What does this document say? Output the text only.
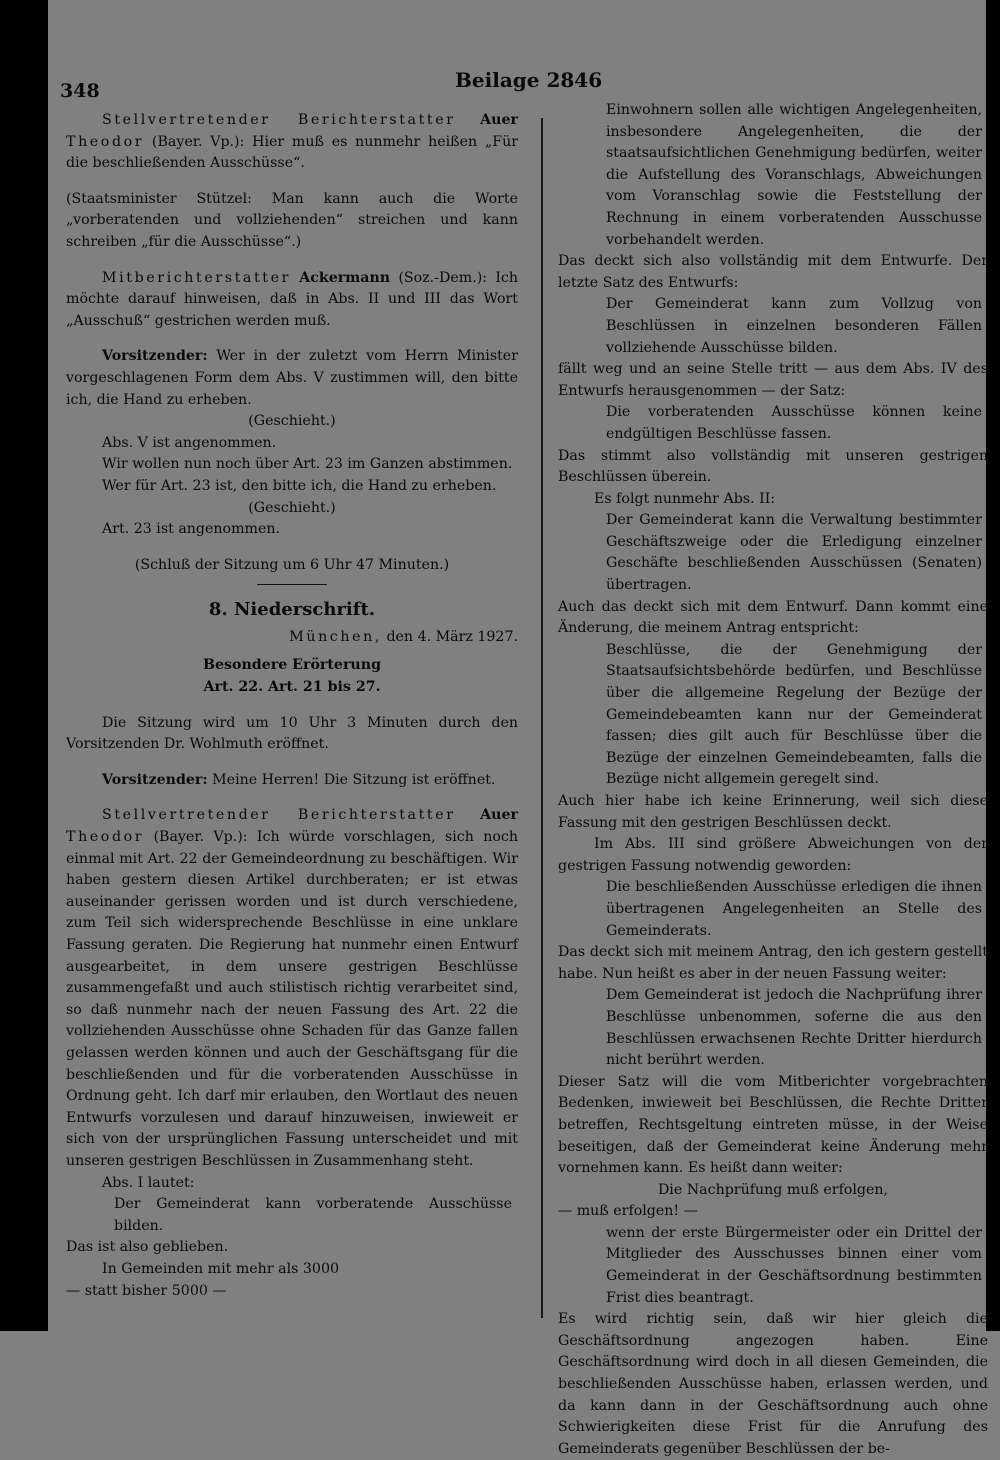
348	Beilage 2846

Stellvertretender Berichterstatter Auer Theodor (Bayer. Vp.): Hier muß es nunmehr heißen „Für die beschließenden Ausschüsse“.

(Staatsminister Stützel: Man kann auch die Worte „vorberatenden und vollziehenden“ streichen und kann schreiben „für die Ausschüsse“.)

Mitberichterstatter Ackermann (Soz.-Dem.): Ich möchte darauf hinweisen, daß in Abs. II und III das Wort „Ausschuß“ gestrichen werden muß.

Vorsitzender: Wer in der zuletzt vom Herrn Minister vorgeschlagenen Form dem Abs. V zustimmen will, den bitte ich, die Hand zu erheben.

(Geschieht.)

Abs. V ist angenommen.

Wir wollen nun noch über Art. 23 im Ganzen abstimmen.

Wer für Art. 23 ist, den bitte ich, die Hand zu erheben.

(Geschieht.)

Art. 23 ist angenommen.

(Schluß der Sitzung um 6 Uhr 47 Minuten.)

8. Niederschrift.

München, den 4. März 1927.

Besondere Erörterung

Art. 22. Art. 21 bis 27.

Die Sitzung wird um 10 Uhr 3 Minuten durch den Vorsitzenden Dr. Wohlmuth eröffnet.

Vorsitzender: Meine Herren! Die Sitzung ist eröffnet.

Stellvertretender Berichterstatter Auer Theodor (Bayer. Vp.): Ich würde vorschlagen, sich noch einmal mit Art. 22 der Gemeindeordnung zu beschäftigen. Wir haben gestern diesen Artikel durchberaten; er ist etwas auseinander gerissen worden und ist durch verschiedene, zum Teil sich widersprechende Beschlüsse in eine unklare Fassung geraten. Die Regierung hat nunmehr einen Entwurf ausgearbeitet, in dem unsere gestrigen Beschlüsse zusammengefaßt und auch stilistisch richtig verarbeitet sind, so daß nunmehr nach der neuen Fassung des Art. 22 die vollziehenden Ausschüsse ohne Schaden für das Ganze fallen gelassen werden können und auch der Geschäftsgang für die beschließenden und für die vorberatenden Ausschüsse in Ordnung geht. Ich darf mir erlauben, den Wortlaut des neuen Entwurfs vorzulesen und darauf hinzuweisen, inwieweit er sich von der ursprünglichen Fassung unterscheidet und mit unseren gestrigen Beschlüssen in Zusammenhang steht.

Abs. I lautet:

Der Gemeinderat kann vorberatende Ausschüsse bilden.

Das ist also geblieben.

In Gemeinden mit mehr als 3000

— statt bisher 5000 —

Einwohnern sollen alle wichtigen Angelegenheiten, insbesondere Angelegenheiten, die der staatsaufsichtlichen Genehmigung bedürfen, weiter die Aufstellung des Voranschlags, Abweichungen vom Voranschlag sowie die Feststellung der Rechnung in einem vorberatenden Ausschusse vorbehandelt werden.

Das deckt sich also vollständig mit dem Entwurfe. Der letzte Satz des Entwurfs:

Der Gemeinderat kann zum Vollzug von Beschlüssen in einzelnen besonderen Fällen vollziehende Ausschüsse bilden.

fällt weg und an seine Stelle tritt — aus dem Abs. IV des Entwurfs herausgenommen — der Satz:

Die vorberatenden Ausschüsse können keine endgültigen Beschlüsse fassen.

Das stimmt also vollständig mit unseren gestrigen Beschlüssen überein.

Es folgt nunmehr Abs. II:

Der Gemeinderat kann die Verwaltung bestimmter Geschäftszweige oder die Erledigung einzelner Geschäfte beschließenden Ausschüssen (Senaten) übertragen.

Auch das deckt sich mit dem Entwurf. Dann kommt eine Änderung, die meinem Antrag entspricht:

Beschlüsse, die der Genehmigung der Staatsaufsichtsbehörde bedürfen, und Beschlüsse über die allgemeine Regelung der Bezüge der Gemeindebeamten kann nur der Gemeinderat fassen; dies gilt auch für Beschlüsse über die Bezüge der einzelnen Gemeindebeamten, falls die Bezüge nicht allgemein geregelt sind.

Auch hier habe ich keine Erinnerung, weil sich diese Fassung mit den gestrigen Beschlüssen deckt.

Im Abs. III sind größere Abweichungen von der gestrigen Fassung notwendig geworden:

Die beschließenden Ausschüsse erledigen die ihnen übertragenen Angelegenheiten an Stelle des Gemeinderats.

Das deckt sich mit meinem Antrag, den ich gestern gestellt habe. Nun heißt es aber in der neuen Fassung weiter:

Dem Gemeinderat ist jedoch die Nachprüfung ihrer Beschlüsse unbenommen, soferne die aus den Beschlüssen erwachsenen Rechte Dritter hierdurch nicht berührt werden.

Dieser Satz will die vom Mitberichter vorgebrachten Bedenken, inwieweit bei Beschlüssen, die Rechte Dritter betreffen, Rechtsgeltung eintreten müsse, in der Weise beseitigen, daß der Gemeinderat keine Änderung mehr vornehmen kann. Es heißt dann weiter:

Die Nachprüfung muß erfolgen,

— muß erfolgen! —

wenn der erste Bürgermeister oder ein Drittel der Mitglieder des Ausschusses binnen einer vom Gemeinderat in der Geschäftsordnung bestimmten Frist dies beantragt.

Es wird richtig sein, daß wir hier gleich die Geschäftsordnung angezogen haben. Eine Geschäftsordnung wird doch in all diesen Gemeinden, die beschließenden Ausschüsse haben, erlassen werden, und da kann dann in der Geschäftsordnung auch ohne Schwierigkeiten diese Frist für die Anrufung des Gemeinderats gegenüber Beschlüssen der be-
